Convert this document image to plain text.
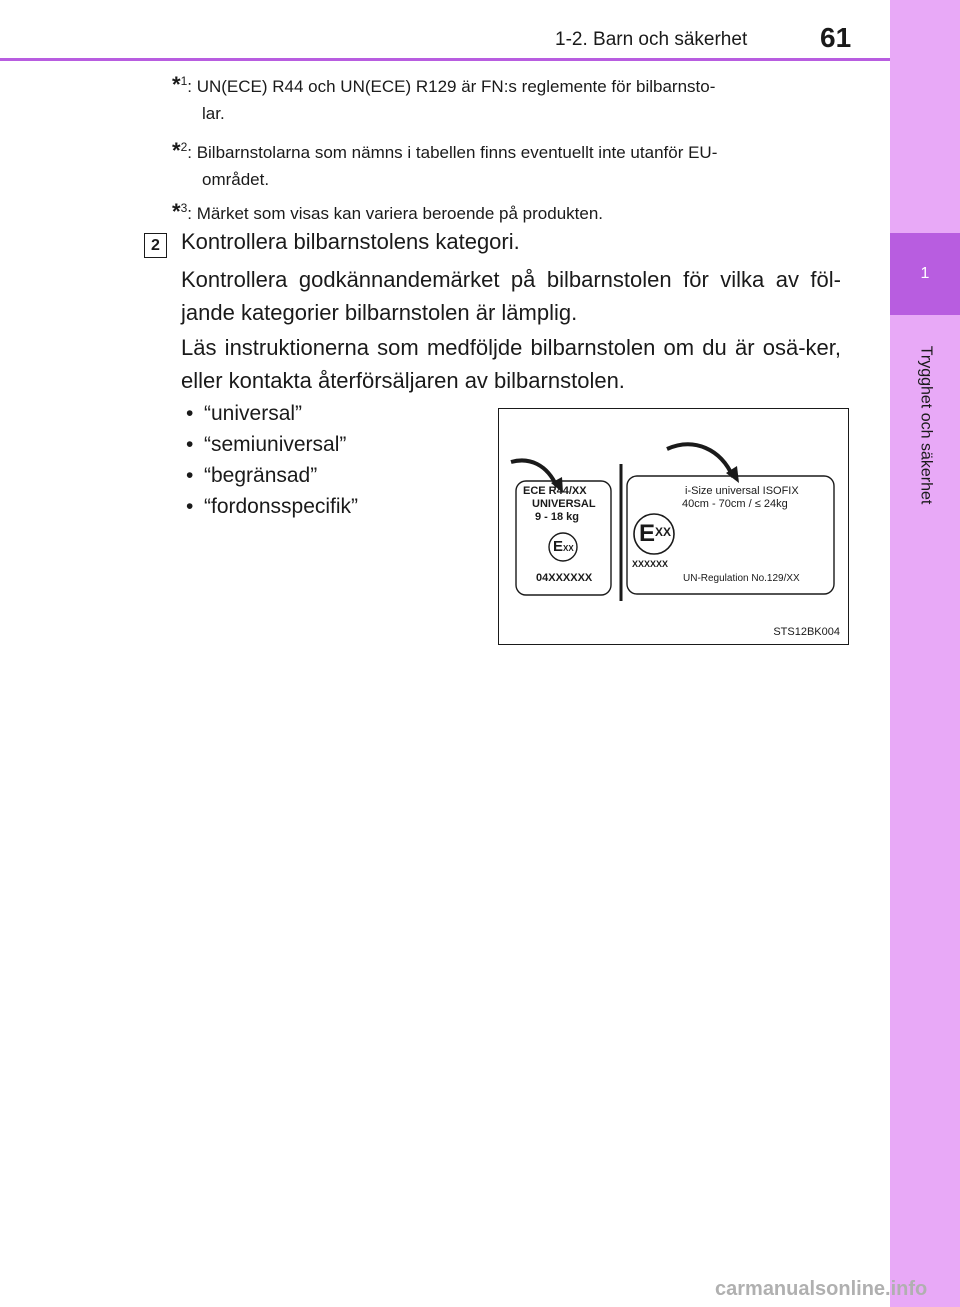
1
Trygghet och säkerhet
1-2. Barn och säkerhet	61
*$^1$: UN(ECE) R44 och UN(ECE) R129 är FN:s reglemente för bilbarnsto-
lar.
*$^2$: Bilbarnstolarna som nämns i tabellen finns eventuellt inte utanför EU-
området.
*$^3$: Märket som visas kan variera beroende på produkten.
2 Kontrollera bilbarnstolens kategori.
Kontrollera godkännandemärket på bilbarnstolen för vilka av föl-jande kategorier bilbarnstolen är lämplig.
Läs instruktionerna som medföljde bilbarnstolen om du är osä-ker, eller kontakta återförsäljaren av bilbarnstolen.
• “universal”
• “semiuniversal”
• “begränsad”
• “fordonsspecifik”
ECE R44/XX
UNIVERSAL
9 - 18 kg
EXX
04XXXXXX
i-Size universal ISOFIX
40cm - 70cm / ≤ 24kg
$E^{XX}$
XXXXXX
UN-Regulation No.129/XX
STS12BK004
carmanualsonline.info
